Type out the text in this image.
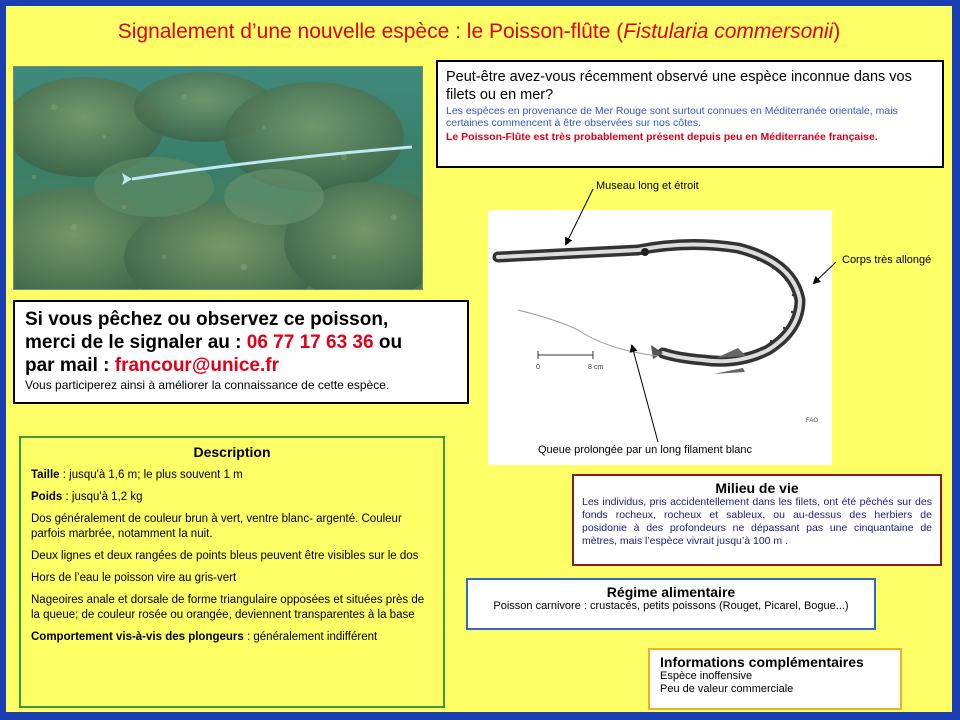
Signalement d’une nouvelle espèce : le Poisson-flûte (Fistularia commersonii)
Peut-être avez-vous récemment observé une espèce inconnue dans vos filets ou en mer?
Les espèces en provenance de Mer Rouge sont surtout connues en Méditerranée orientale, mais certaines commencent à être observées sur nos côtes.
Le Poisson-Flûte est très probablement présent depuis peu en Méditerranée française.
Si vous pêchez ou observez ce poisson,
merci de le signaler au : 06 77 17 63 36 ou
par mail : francour@unice.fr
Vous participerez ainsi à améliorer la connaissance de cette espèce.
0	8 cm
FAO
Museau long et étroit
Corps très allongé
Queue prolongée par un long filament blanc
Description

Taille : jusqu'à 1,6 m; le plus souvent 1 m

Poids : jusqu'à 1,2 kg

Dos généralement de couleur brun à vert, ventre blanc- argenté. Couleur parfois marbrée, notamment la nuit.

Deux lignes et deux rangées de points bleus peuvent être visibles sur le dos

Hors de l’eau le poisson vire au gris-vert

Nageoires anale et dorsale de forme triangulaire opposées et situées près de la queue; de couleur rosée ou orangée, deviennent transparentes à la base

Comportement vis-à-vis des plongeurs : généralement indifférent

Milieu de vie
Les individus, pris accidentellement dans les filets, ont été pêchés sur des fonds rocheux, rocheux et sableux, ou au-dessus des herbiers de posidonie à des profondeurs ne dépassant pas une cinquantaine de mètres, mais l’espèce vivrait jusqu’à 100 m .
Régime alimentaire
Poisson carnivore : crustacés, petits poissons (Rouget, Picarel, Bogue...)
Informations complémentaires
Espèce inoffensive
Peu de valeur commerciale
